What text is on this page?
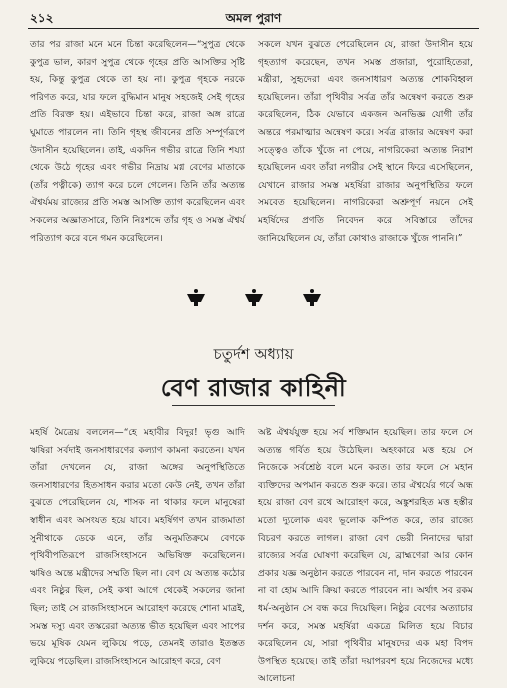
২১২	অমল পুরাণ

তার পর রাজা মনে মনে চিন্তা করেছিলেন—“সুপুত্র থেকে কুপুত্র ভাল, কারণ সুপুত্র থেকে গৃহের প্রতি আসক্তির সৃষ্টি হয়, কিন্তু কুপুত্র থেকে তা হয় না। কুপুত্র গৃহকে নরকে পরিণত করে, যার ফলে বুদ্ধিমান মানুষ সহজেই সেই গৃহের প্রতি বিরক্ত হয়। এইভাবে চিন্তা করে, রাজা অঙ্গ রাত্রে ঘুমাতে পারলেন না। তিনি গৃহস্থ জীবনের প্রতি সম্পূর্ণরূপে উদাসীন হয়েছিলেন। তাই, একদিন গভীর রাত্রে তিনি শয্যা থেকে উঠে গৃহের এবং গভীর নিদ্রায় মগ্ন বেণের মাতাকে (তাঁর পত্নীকে) ত্যাগ করে চলে গেলেন। তিনি তাঁর অত্যন্ত ঐশ্বর্যময় রাজ্যের প্রতি সমস্ত আসক্তি ত্যাগ করেছিলেন এবং সকলের অজ্ঞাতসারে, তিনি নিঃশব্দে তাঁর গৃহ ও সমস্ত ঐশ্বর্য পরিত্যাগ করে বনে গমন করেছিলেন।

সকলে যখন বুঝতে পেরেছিলেন যে, রাজা উদাসীন হয়ে গৃহত্যাগ করেছেন, তখন সমস্ত প্রজারা, পুরোহিতেরা, মন্ত্রীরা, সুহৃদেরা এবং জনসাধারণ অত্যন্ত শোকবিহ্বল হয়েছিলেন। তাঁরা পৃথিবীর সর্বত্র তাঁর অন্বেষণ করতে শুরু করেছিলেন, ঠিক যেভাবে একজন অনভিজ্ঞ যোগী তাঁর অন্তরে পরমাত্মার অন্বেষণ করে। সর্বত্র রাজার অন্বেষণ করা সত্ত্বেও তাঁকে খুঁজে না পেয়ে, নাগরিকেরা অত্যন্ত নিরাশ হয়েছিলেন এবং তাঁরা নগরীর সেই স্থানে ফিরে এসেছিলেন, যেখানে রাজার সমস্ত মহর্ষিরা রাজার অনুপস্থিতির ফলে সমবেত হয়েছিলেন। নাগরিকেরা অশ্রুপূর্ণ নয়নে সেই মহর্ষিদের প্রণতি নিবেদন করে সবিস্তারে তাঁদের জানিয়েছিলেন যে, তাঁরা কোথাও রাজাকে খুঁজে পাননি।”

চতুর্দশ অধ্যায়
বেণ রাজার কাহিনী

মহর্ষি মৈত্রেয় বললেন—“হে মহাবীর বিদুর! ভৃগু আদি ঋষিরা সর্বদাই জনসাধারণের কল্যাণ কামনা করতেন। যখন তাঁরা দেখলেন যে, রাজা অঙ্গের অনুপস্থিতিতে জনসাধারণের হিতসাধন করার মতো কেউ নেই, তখন তাঁরা বুঝতে পেরেছিলেন যে, শাসক না থাকার ফলে মানুষেরা স্বাধীন এবং অসংযত হয়ে যাবে। মহর্ষিগণ তখন রাজমাতা সুনীথাকে ডেকে এনে, তাঁর অনুমতিক্রমে বেণকে পৃথিবীপতিরূপে রাজসিংহাসনে অভিষিক্ত করেছিলেন। ঋষিও অন্তে মন্ত্রীদের সম্মতি ছিল না। বেণ যে অত্যন্ত কঠোর এবং নিষ্ঠুর ছিল, সেই কথা আগে থেকেই সকলের জানা ছিল; তাই সে রাজসিংহাসনে আরোহণ করেছে শোনা মাত্রই, সমস্ত দস্যু এবং তস্করেরা অত্যন্ত ভীত হয়েছিল এবং সাপের ভয়ে মূষিক যেমন লুকিয়ে পড়ে, তেমনই তারাও ইতস্তত লুকিয়ে পড়েছিল। রাজসিংহাসনে আরোহণ করে, বেণ

অষ্ট ঐশ্বর্যযুক্ত হয়ে সর্ব শক্তিমান হয়েছিল। তার ফলে সে অত্যন্ত গর্বিত হয়ে উঠেছিল। অহংকারে মত্ত হয়ে সে নিজেকে সর্বশ্রেষ্ঠ বলে মনে করত। তার ফলে সে মহান ব্যক্তিদের অপমান করতে শুরু করে। তার ঐশ্বর্যের গর্বে অন্ধ হয়ে রাজা বেণ রথে আরোহণ করে, অঙ্কুশরহিত মত্ত হস্তীর মতো দ্যুলোক এবং ভূলোক কম্পিত করে, তার রাজ্যে বিচরণ করতে লাগল। রাজা বেণ ভেরী নিনাদের দ্বারা রাজ্যের সর্বত্র ঘোষণা করেছিল যে, ব্রাহ্মণেরা আর কোন প্রকার যজ্ঞ অনুষ্ঠান করতে পারবেন না, দান করতে পারবেন না বা হোম আদি ক্রিয়া করতে পারবেন না। অর্থাৎ সব রকম ধর্ম-অনুষ্ঠান সে বন্ধ করে দিয়েছিল। নিষ্ঠুর বেণের অত্যাচার দর্শন করে, সমস্ত মহর্ষিরা একত্রে মিলিত হয়ে বিচার করেছিলেন যে, সারা পৃথিবীর মানুষদের এক মহা বিপদ উপস্থিত হয়েছে। তাই তাঁরা দয়াপরবশ হয়ে নিজেদের মধ্যে আলোচনা
